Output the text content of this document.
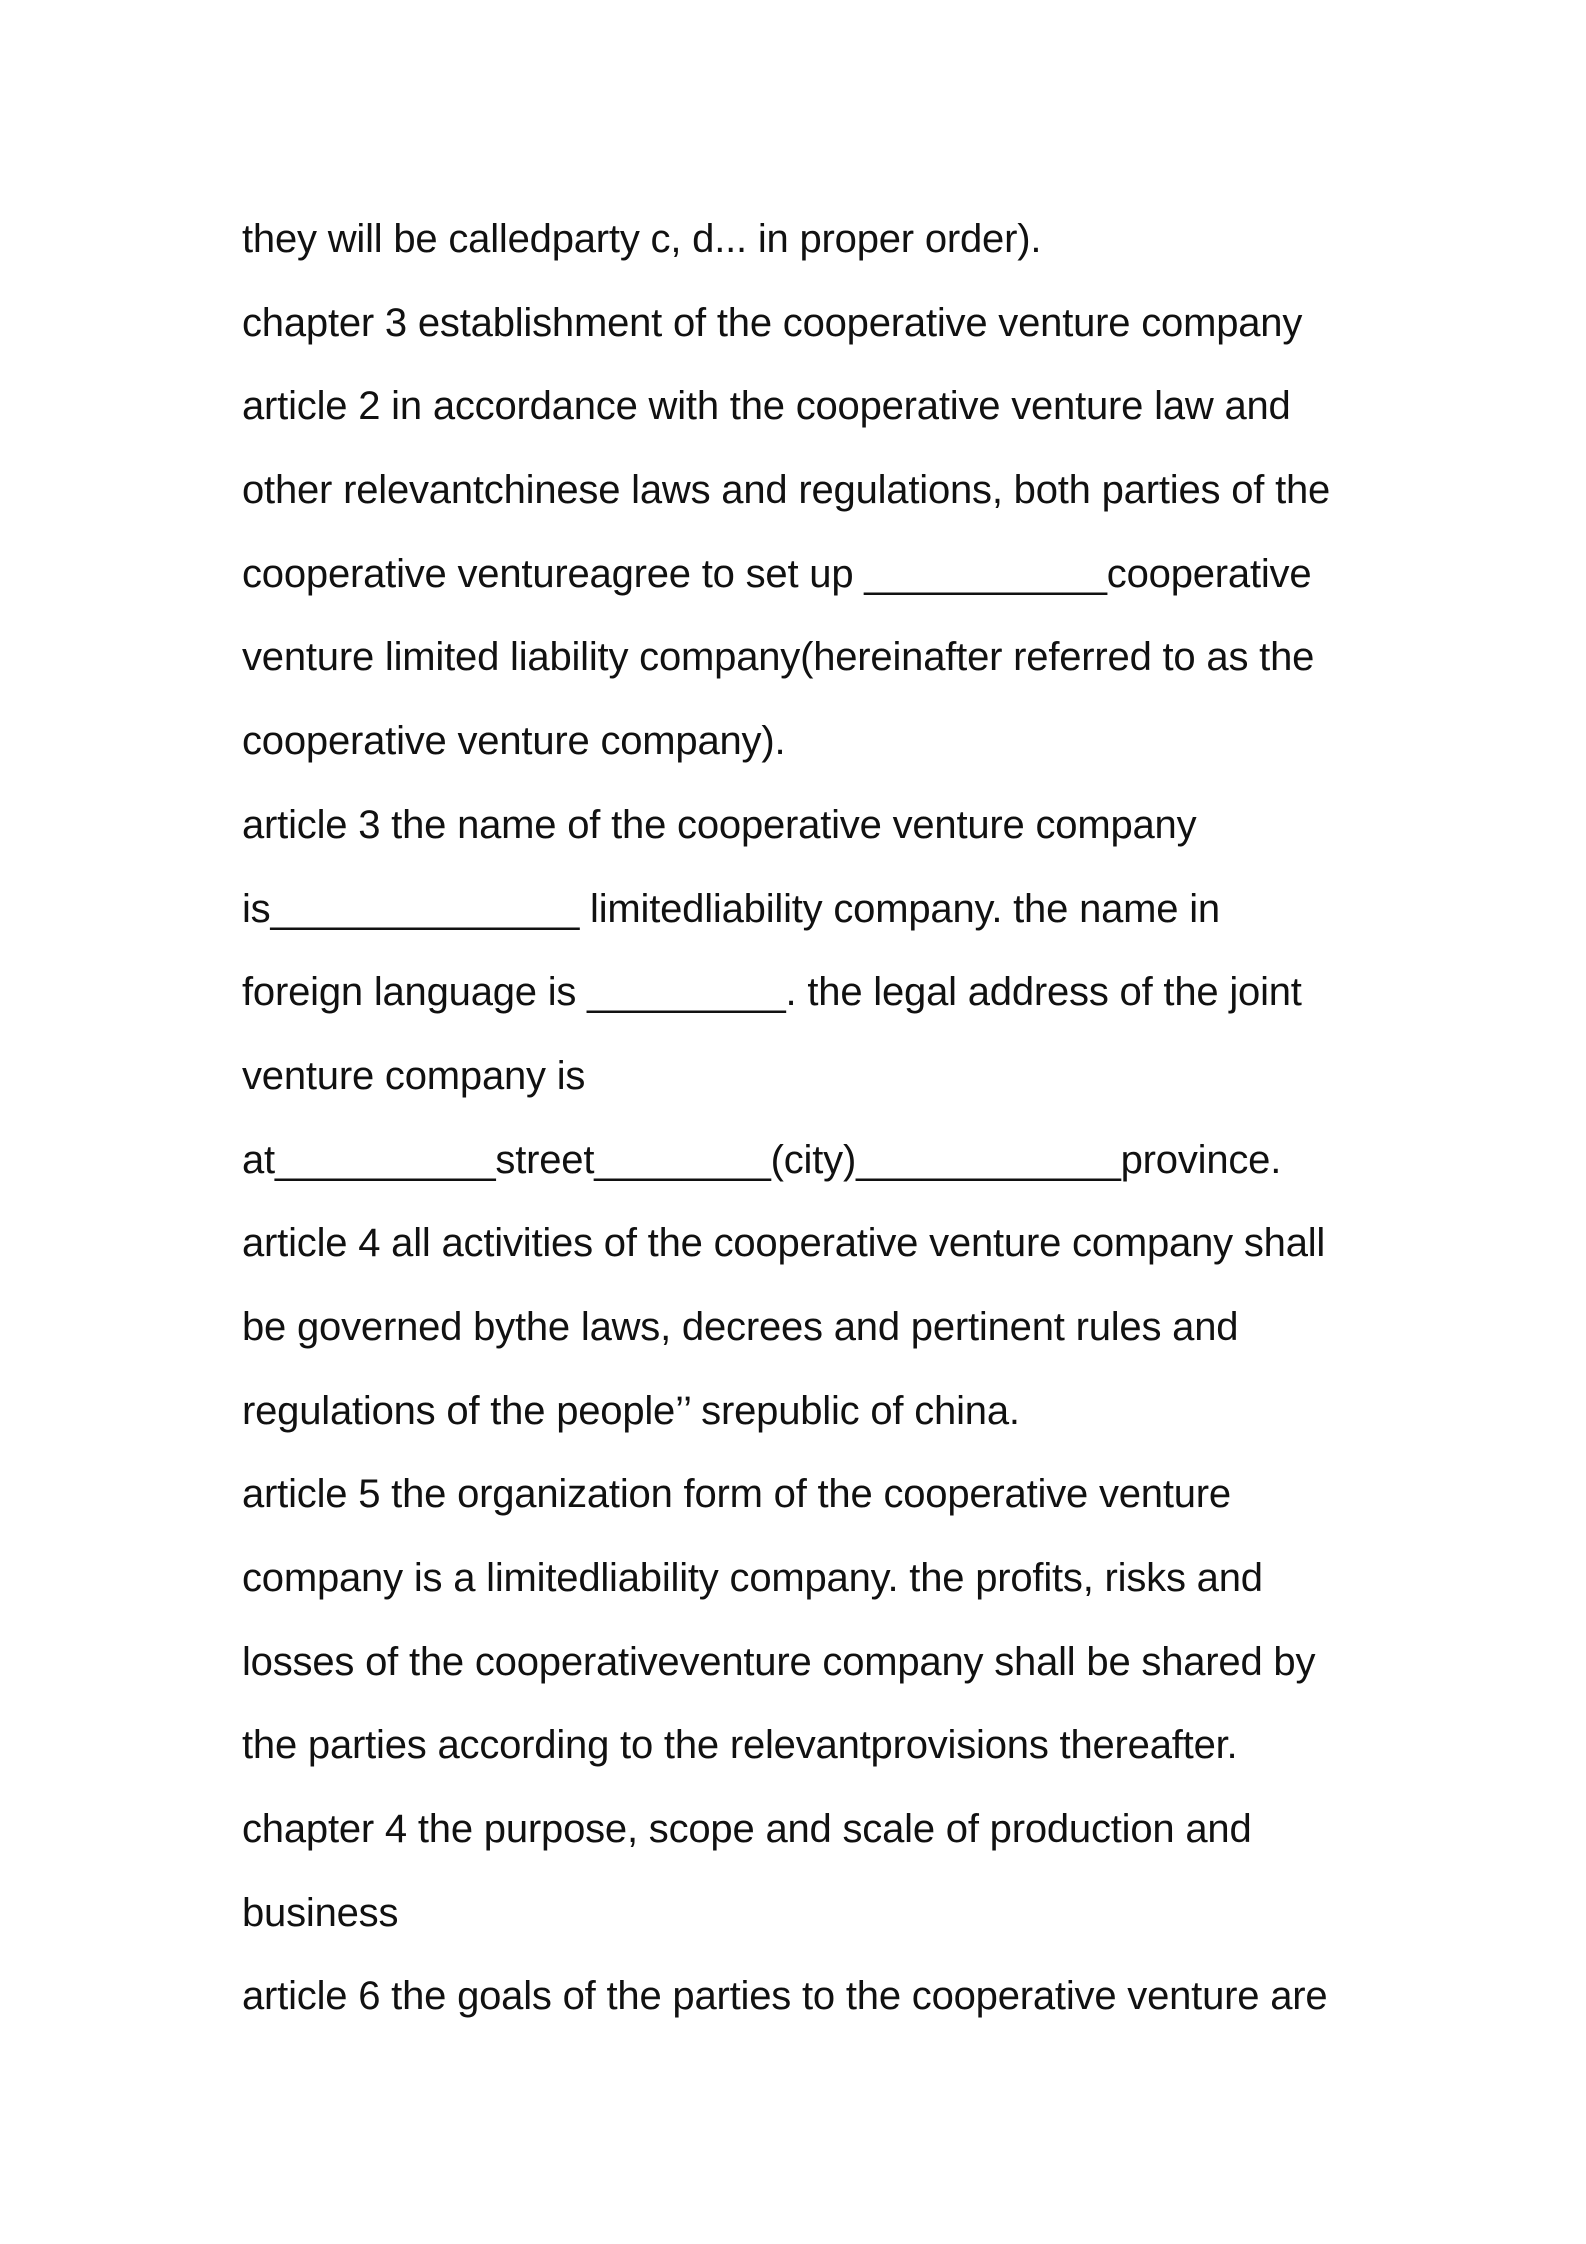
they will be calledparty c, d... in proper order).
chapter 3 establishment of the cooperative venture company
article 2 in accordance with the cooperative venture law and
other relevantchinese laws and regulations, both parties of the
cooperative ventureagree to set up ___________cooperative
venture limited liability company(hereinafter referred to as the
cooperative venture company).
article 3 the name of the cooperative venture company
is______________ limitedliability company. the name in
foreign language is _________. the legal address of the joint
venture company is
at__________street________(city)____________province.
article 4 all activities of the cooperative venture company shall
be governed bythe laws, decrees and pertinent rules and
regulations of the people’’ srepublic of china.
article 5 the organization form of the cooperative venture
company is a limitedliability company. the profits, risks and
losses of the cooperativeventure company shall be shared by
the parties according to the relevantprovisions thereafter.
chapter 4 the purpose, scope and scale of production and
business
article 6 the goals of the parties to the cooperative venture are
